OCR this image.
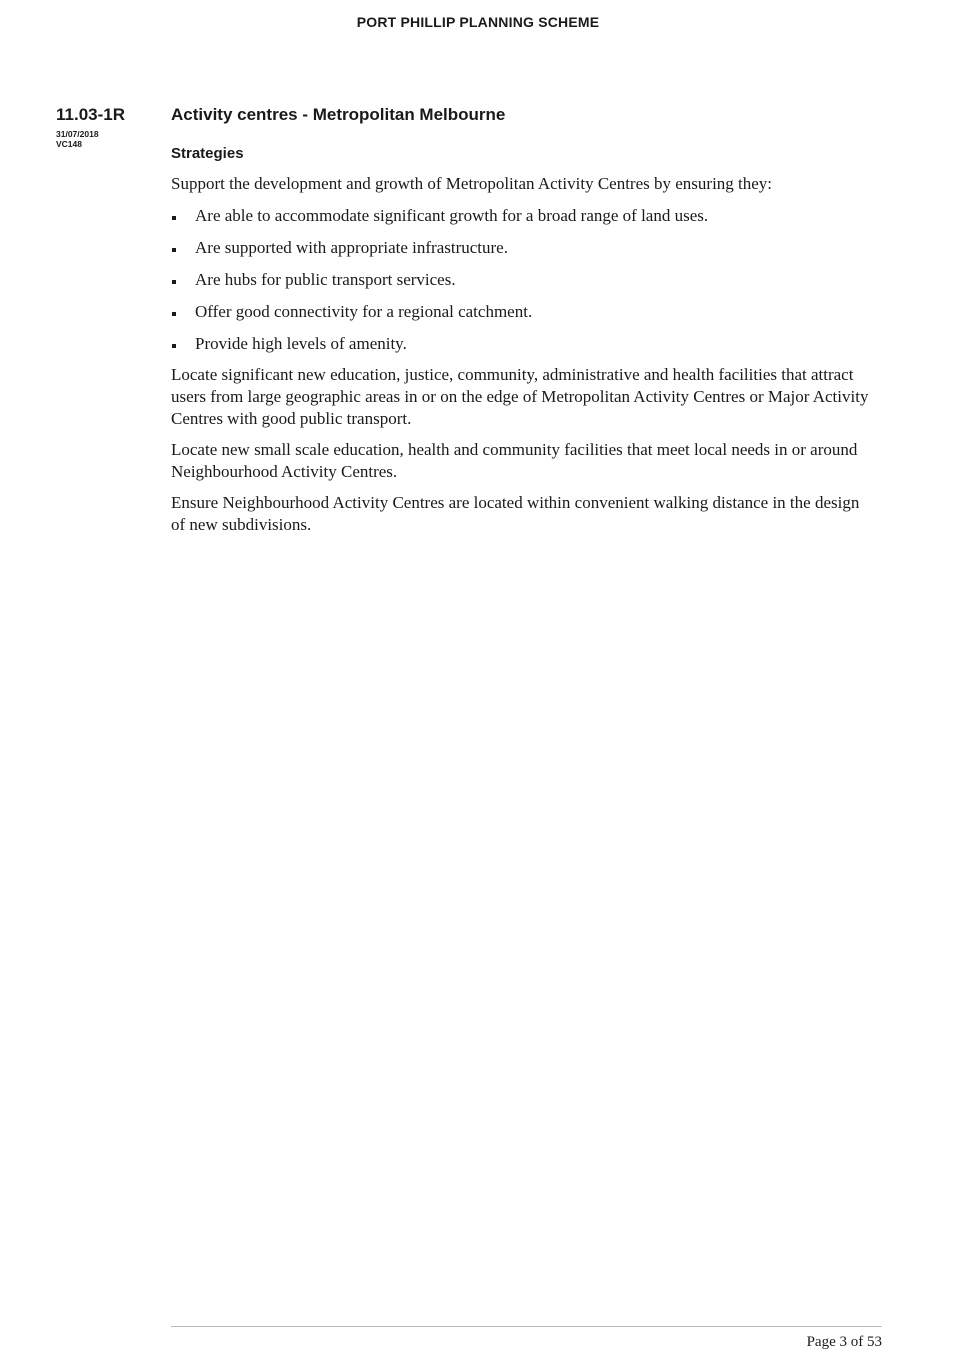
PORT PHILLIP PLANNING SCHEME
11.03-1R
31/07/2018
VC148
Activity centres - Metropolitan Melbourne
Strategies

Support the development and growth of Metropolitan Activity Centres by ensuring they:

Are able to accommodate significant growth for a broad range of land uses.
Are supported with appropriate infrastructure.
Are hubs for public transport services.
Offer good connectivity for a regional catchment.
Provide high levels of amenity.

Locate significant new education, justice, community, administrative and health facilities that attract users from large geographic areas in or on the edge of Metropolitan Activity Centres or Major Activity Centres with good public transport.

Locate new small scale education, health and community facilities that meet local needs in or around Neighbourhood Activity Centres.

Ensure Neighbourhood Activity Centres are located within convenient walking distance in the design of new subdivisions.

Page 3 of 53
